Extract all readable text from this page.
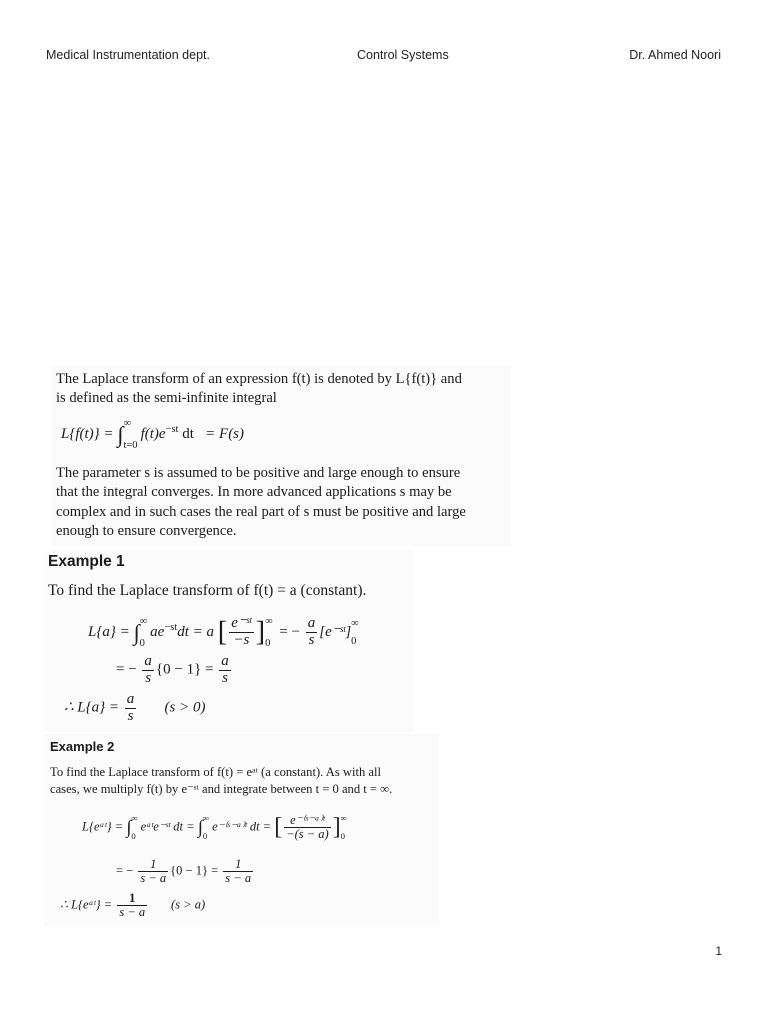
Medical Instrumentation dept.	Control Systems	Dr. Ahmed Noori
The Laplace transform of an expression f(t) is denoted by L{f(t)} and
is defined as the semi-infinite integral
L{f(t)} = ∫ ∞
t=0
$f(t)e^{-st}$ dt = F(s)
The parameter s is assumed to be positive and large enough to ensure
that the integral converges. In more advanced applications s may be
complex and in such cases the real part of s must be positive and large
enough to ensure convergence.
Example 1
To find the Laplace transform of f(t) = a (constant).
L{a} = ∫ ∞
0
$ae^{-st}dt = a$ [ $\frac{\text{e⁻ˢᵗ}}{-s}$ ] ∞
0
= − $\frac{a}{s}$ [e⁻ˢᵗ]
∞
0
= − $\frac{a}{s} \{0 - 1\} = \frac{a}{s}$
∴ $L\{a\} = \frac{a}{s} (s > 0)$
Example 2
To find the Laplace transform of f(t) = eᵃᵗ (a constant). As with all
cases, we multiply f(t) by e⁻ˢᵗ and integrate between t = 0 and t = ∞.
L{eᵃᵗ} = ∫ ∞
0
eᵃᵗe⁻ˢᵗ dt = ∫ ∞
0
e⁻⁽ˢ⁻ᵃ⁾ᵗ dt = [ $\frac{\text{e⁻⁽ˢ⁻ᵃ⁾ᵗ}}{-(s - a)}$ ] ∞
0
= − $\frac{1}{s - a} \{0 - 1\} = \frac{1}{s - a}$
∴ L{eᵃᵗ} = $\frac{1}{s - a} (s > a)$
1
